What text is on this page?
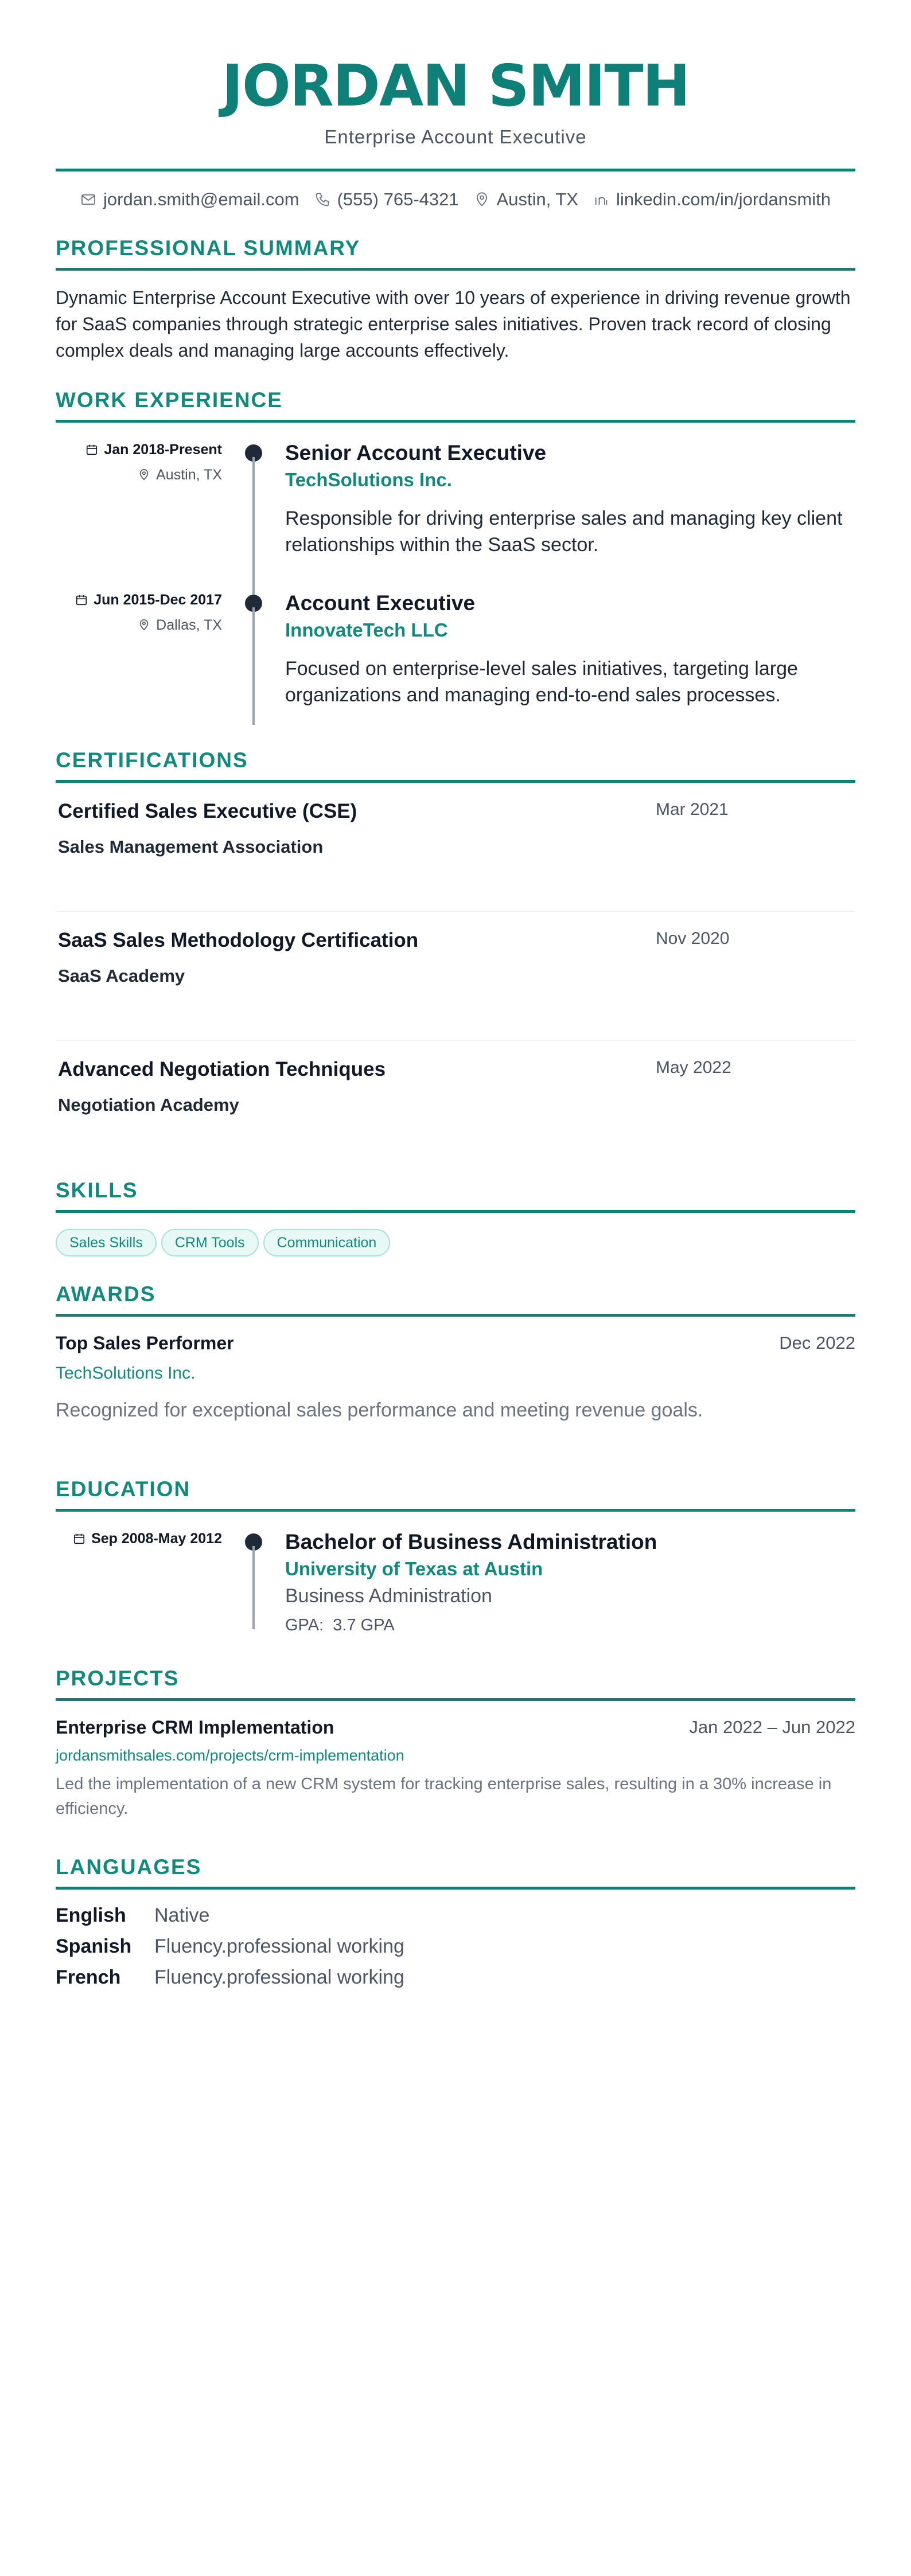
JORDAN SMITH
Enterprise Account Executive
jordan.smith@email.com (555) 765-4321 Austin, TX linkedin.com/in/jordansmith
PROFESSIONAL SUMMARY
Dynamic Enterprise Account Executive with over 10 years of experience in driving revenue growth for SaaS companies through strategic enterprise sales initiatives. Proven track record of closing complex deals and managing large accounts effectively.
WORK EXPERIENCE
Jan 2018-Present
Austin, TX
Senior Account Executive
TechSolutions Inc.
Responsible for driving enterprise sales and managing key client relationships within the SaaS sector.
Jun 2015-Dec 2017
Dallas, TX
Account Executive
InnovateTech LLC
Focused on enterprise-level sales initiatives, targeting large organizations and managing end-to-end sales processes.
CERTIFICATIONS
Certified Sales Executive (CSE)	Mar 2021
Sales Management Association
SaaS Sales Methodology Certification	Nov 2020
SaaS Academy
Advanced Negotiation Techniques	May 2022
Negotiation Academy
SKILLS
Sales Skills	CRM Tools	Communication
AWARDS
Top Sales Performer	Dec 2022
TechSolutions Inc.
Recognized for exceptional sales performance and meeting revenue goals.
EDUCATION
Sep 2008-May 2012	Bachelor of Business Administration
University of Texas at Austin
Business Administration
GPA: 3.7 GPA
PROJECTS
Enterprise CRM Implementation	Jan 2022 – Jun 2022
jordansmithsales.com/projects/crm-implementation
Led the implementation of a new CRM system for tracking enterprise sales, resulting in a 30% increase in efficiency.
LANGUAGES
English	Native
Spanish	Fluency.professional working
French	Fluency.professional working
